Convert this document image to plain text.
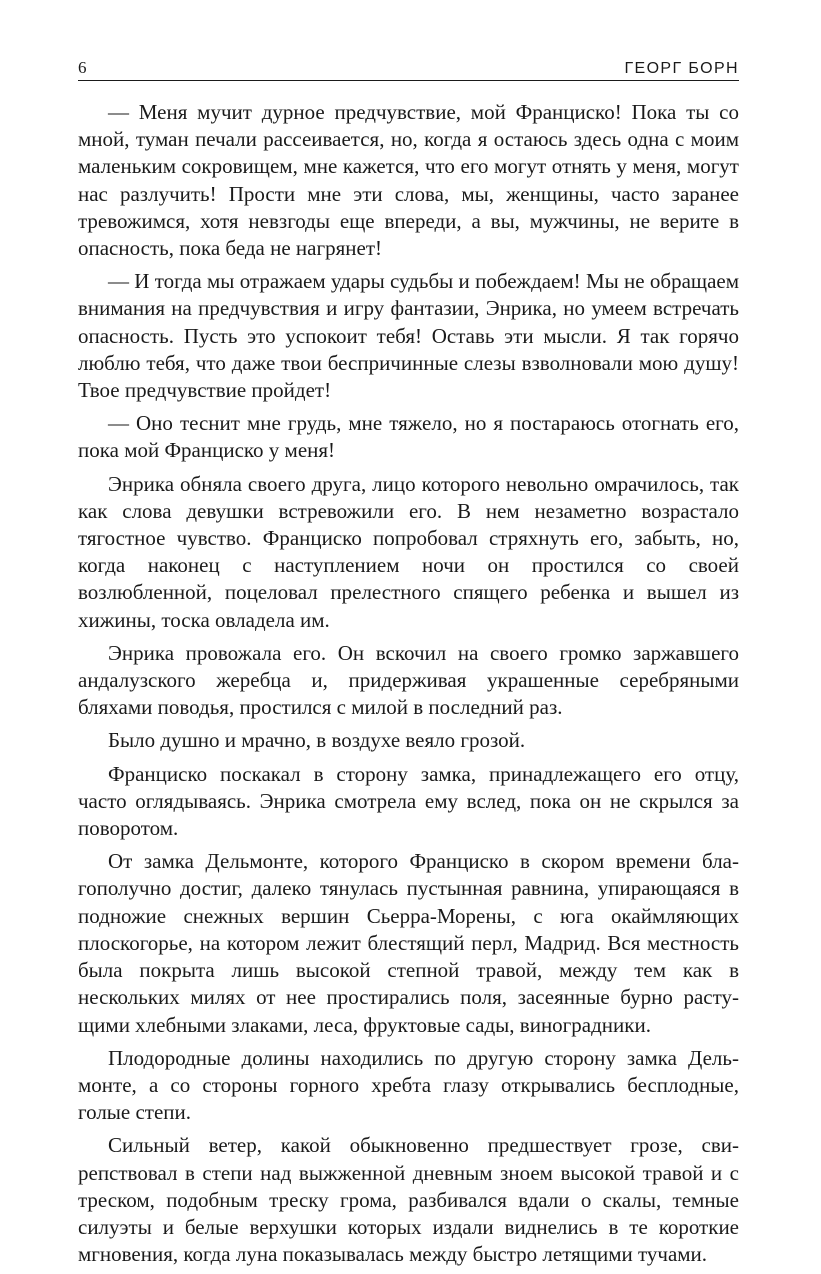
6	ГЕОРГ БОРН

— Меня мучит дурное предчувствие, мой Франциско! Пока ты со мной, туман печали рассеивается, но, когда я остаюсь здесь одна с моим маленьким сокровищем, мне кажется, что его могут отнять у меня, могут нас разлучить! Прости мне эти слова, мы, женщины, часто заранее тревожимся, хотя невзгоды еще впереди, а вы, мужчины, не верите в опасность, пока беда не нагрянет!

— И тогда мы отражаем удары судьбы и побеждаем! Мы не обращаем внимания на предчувствия и игру фантазии, Энрика, но умеем встречать опасность. Пусть это успокоит тебя! Оставь эти мысли. Я так горячо люблю тебя, что даже твои беспричинные слезы взволновали мою душу! Твое предчувствие пройдет!

— Оно теснит мне грудь, мне тяжело, но я постараюсь отогнать его, пока мой Франциско у меня!

Энрика обняла своего друга, лицо которого невольно омрачилось, так как слова девушки встревожили его. В нем незаметно возрастало тягостное чувство. Франциско попробовал стряхнуть его, забыть, но, когда наконец с наступлением ночи он простился со своей возлюбленной, поцеловал прелестного спящего ребенка и вышел из хижины, тоска овладела им.

Энрика провожала его. Он вскочил на своего громко заржавшего андалузского жеребца и, придерживая украшенные серебряными бляхами поводья, простился с милой в последний раз.

Было душно и мрачно, в воздухе веяло грозой.

Франциско поскакал в сторону замка, принадлежащего его отцу, часто оглядываясь. Энрика смотрела ему вслед, пока он не скрылся за поворотом.

От замка Дельмонте, которого Франциско в скором времени благополучно достиг, далеко тянулась пустынная равнина, упирающаяся в подножие снежных вершин Сьерра-Морены, с юга окаймляющих плоскогорье, на котором лежит блестящий перл, Мадрид. Вся местность была покрыта лишь высокой степной травой, между тем как в нескольких милях от нее простирались поля, засеянные бурно растущими хлебными злаками, леса, фруктовые сады, виноградники.

Плодородные долины находились по другую сторону замка Дельмонте, а со стороны горного хребта глазу открывались бесплодные, голые степи.

Сильный ветер, какой обыкновенно предшествует грозе, свирепствовал в степи над выжженной дневным зноем высокой травой и с треском, подобным треску грома, разбивался вдали о скалы, темные силуэты и белые верхушки которых издали виднелись в те короткие мгновения, когда луна показывалась между быстро летящими тучами.
